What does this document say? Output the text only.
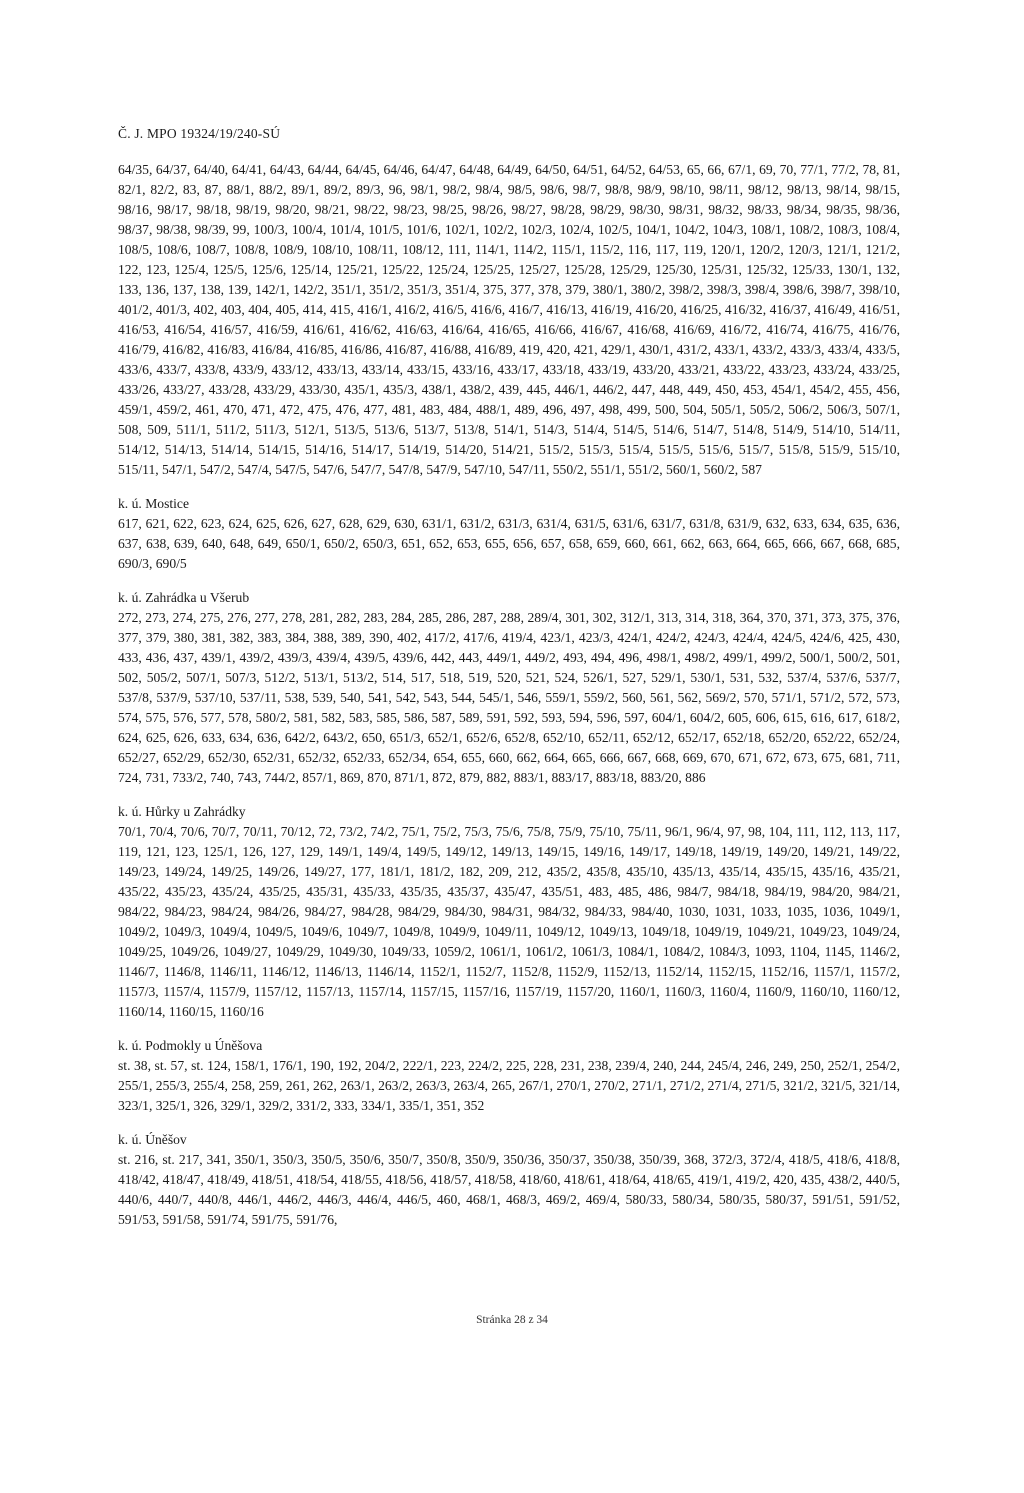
Č. J. MPO 19324/19/240-SÚ

64/35, 64/37, 64/40, 64/41, 64/43, 64/44, 64/45, 64/46, 64/47, 64/48, 64/49, 64/50, 64/51, 64/52, 64/53, 65, 66, 67/1, 69, 70, 77/1, 77/2, 78, 81, 82/1, 82/2, 83, 87, 88/1, 88/2, 89/1, 89/2, 89/3, 96, 98/1, 98/2, 98/4, 98/5, 98/6, 98/7, 98/8, 98/9, 98/10, 98/11, 98/12, 98/13, 98/14, 98/15, 98/16, 98/17, 98/18, 98/19, 98/20, 98/21, 98/22, 98/23, 98/25, 98/26, 98/27, 98/28, 98/29, 98/30, 98/31, 98/32, 98/33, 98/34, 98/35, 98/36, 98/37, 98/38, 98/39, 99, 100/3, 100/4, 101/4, 101/5, 101/6, 102/1, 102/2, 102/3, 102/4, 102/5, 104/1, 104/2, 104/3, 108/1, 108/2, 108/3, 108/4, 108/5, 108/6, 108/7, 108/8, 108/9, 108/10, 108/11, 108/12, 111, 114/1, 114/2, 115/1, 115/2, 116, 117, 119, 120/1, 120/2, 120/3, 121/1, 121/2, 122, 123, 125/4, 125/5, 125/6, 125/14, 125/21, 125/22, 125/24, 125/25, 125/27, 125/28, 125/29, 125/30, 125/31, 125/32, 125/33, 130/1, 132, 133, 136, 137, 138, 139, 142/1, 142/2, 351/1, 351/2, 351/3, 351/4, 375, 377, 378, 379, 380/1, 380/2, 398/2, 398/3, 398/4, 398/6, 398/7, 398/10, 401/2, 401/3, 402, 403, 404, 405, 414, 415, 416/1, 416/2, 416/5, 416/6, 416/7, 416/13, 416/19, 416/20, 416/25, 416/32, 416/37, 416/49, 416/51, 416/53, 416/54, 416/57, 416/59, 416/61, 416/62, 416/63, 416/64, 416/65, 416/66, 416/67, 416/68, 416/69, 416/72, 416/74, 416/75, 416/76, 416/79, 416/82, 416/83, 416/84, 416/85, 416/86, 416/87, 416/88, 416/89, 419, 420, 421, 429/1, 430/1, 431/2, 433/1, 433/2, 433/3, 433/4, 433/5, 433/6, 433/7, 433/8, 433/9, 433/12, 433/13, 433/14, 433/15, 433/16, 433/17, 433/18, 433/19, 433/20, 433/21, 433/22, 433/23, 433/24, 433/25, 433/26, 433/27, 433/28, 433/29, 433/30, 435/1, 435/3, 438/1, 438/2, 439, 445, 446/1, 446/2, 447, 448, 449, 450, 453, 454/1, 454/2, 455, 456, 459/1, 459/2, 461, 470, 471, 472, 475, 476, 477, 481, 483, 484, 488/1, 489, 496, 497, 498, 499, 500, 504, 505/1, 505/2, 506/2, 506/3, 507/1, 508, 509, 511/1, 511/2, 511/3, 512/1, 513/5, 513/6, 513/7, 513/8, 514/1, 514/3, 514/4, 514/5, 514/6, 514/7, 514/8, 514/9, 514/10, 514/11, 514/12, 514/13, 514/14, 514/15, 514/16, 514/17, 514/19, 514/20, 514/21, 515/2, 515/3, 515/4, 515/5, 515/6, 515/7, 515/8, 515/9, 515/10, 515/11, 547/1, 547/2, 547/4, 547/5, 547/6, 547/7, 547/8, 547/9, 547/10, 547/11, 550/2, 551/1, 551/2, 560/1, 560/2, 587

k. ú. Mostice

617, 621, 622, 623, 624, 625, 626, 627, 628, 629, 630, 631/1, 631/2, 631/3, 631/4, 631/5, 631/6, 631/7, 631/8, 631/9, 632, 633, 634, 635, 636, 637, 638, 639, 640, 648, 649, 650/1, 650/2, 650/3, 651, 652, 653, 655, 656, 657, 658, 659, 660, 661, 662, 663, 664, 665, 666, 667, 668, 685, 690/3, 690/5

k. ú. Zahrádka u Všerub

272, 273, 274, 275, 276, 277, 278, 281, 282, 283, 284, 285, 286, 287, 288, 289/4, 301, 302, 312/1, 313, 314, 318, 364, 370, 371, 373, 375, 376, 377, 379, 380, 381, 382, 383, 384, 388, 389, 390, 402, 417/2, 417/6, 419/4, 423/1, 423/3, 424/1, 424/2, 424/3, 424/4, 424/5, 424/6, 425, 430, 433, 436, 437, 439/1, 439/2, 439/3, 439/4, 439/5, 439/6, 442, 443, 449/1, 449/2, 493, 494, 496, 498/1, 498/2, 499/1, 499/2, 500/1, 500/2, 501, 502, 505/2, 507/1, 507/3, 512/2, 513/1, 513/2, 514, 517, 518, 519, 520, 521, 524, 526/1, 527, 529/1, 530/1, 531, 532, 537/4, 537/6, 537/7, 537/8, 537/9, 537/10, 537/11, 538, 539, 540, 541, 542, 543, 544, 545/1, 546, 559/1, 559/2, 560, 561, 562, 569/2, 570, 571/1, 571/2, 572, 573, 574, 575, 576, 577, 578, 580/2, 581, 582, 583, 585, 586, 587, 589, 591, 592, 593, 594, 596, 597, 604/1, 604/2, 605, 606, 615, 616, 617, 618/2, 624, 625, 626, 633, 634, 636, 642/2, 643/2, 650, 651/3, 652/1, 652/6, 652/8, 652/10, 652/11, 652/12, 652/17, 652/18, 652/20, 652/22, 652/24, 652/27, 652/29, 652/30, 652/31, 652/32, 652/33, 652/34, 654, 655, 660, 662, 664, 665, 666, 667, 668, 669, 670, 671, 672, 673, 675, 681, 711, 724, 731, 733/2, 740, 743, 744/2, 857/1, 869, 870, 871/1, 872, 879, 882, 883/1, 883/17, 883/18, 883/20, 886

k. ú. Hůrky u Zahrádky

70/1, 70/4, 70/6, 70/7, 70/11, 70/12, 72, 73/2, 74/2, 75/1, 75/2, 75/3, 75/6, 75/8, 75/9, 75/10, 75/11, 96/1, 96/4, 97, 98, 104, 111, 112, 113, 117, 119, 121, 123, 125/1, 126, 127, 129, 149/1, 149/4, 149/5, 149/12, 149/13, 149/15, 149/16, 149/17, 149/18, 149/19, 149/20, 149/21, 149/22, 149/23, 149/24, 149/25, 149/26, 149/27, 177, 181/1, 181/2, 182, 209, 212, 435/2, 435/8, 435/10, 435/13, 435/14, 435/15, 435/16, 435/21, 435/22, 435/23, 435/24, 435/25, 435/31, 435/33, 435/35, 435/37, 435/47, 435/51, 483, 485, 486, 984/7, 984/18, 984/19, 984/20, 984/21, 984/22, 984/23, 984/24, 984/26, 984/27, 984/28, 984/29, 984/30, 984/31, 984/32, 984/33, 984/40, 1030, 1031, 1033, 1035, 1036, 1049/1, 1049/2, 1049/3, 1049/4, 1049/5, 1049/6, 1049/7, 1049/8, 1049/9, 1049/11, 1049/12, 1049/13, 1049/18, 1049/19, 1049/21, 1049/23, 1049/24, 1049/25, 1049/26, 1049/27, 1049/29, 1049/30, 1049/33, 1059/2, 1061/1, 1061/2, 1061/3, 1084/1, 1084/2, 1084/3, 1093, 1104, 1145, 1146/2, 1146/7, 1146/8, 1146/11, 1146/12, 1146/13, 1146/14, 1152/1, 1152/7, 1152/8, 1152/9, 1152/13, 1152/14, 1152/15, 1152/16, 1157/1, 1157/2, 1157/3, 1157/4, 1157/9, 1157/12, 1157/13, 1157/14, 1157/15, 1157/16, 1157/19, 1157/20, 1160/1, 1160/3, 1160/4, 1160/9, 1160/10, 1160/12, 1160/14, 1160/15, 1160/16

k. ú. Podmokly u Úněšova

st. 38, st. 57, st. 124, 158/1, 176/1, 190, 192, 204/2, 222/1, 223, 224/2, 225, 228, 231, 238, 239/4, 240, 244, 245/4, 246, 249, 250, 252/1, 254/2, 255/1, 255/3, 255/4, 258, 259, 261, 262, 263/1, 263/2, 263/3, 263/4, 265, 267/1, 270/1, 270/2, 271/1, 271/2, 271/4, 271/5, 321/2, 321/5, 321/14, 323/1, 325/1, 326, 329/1, 329/2, 331/2, 333, 334/1, 335/1, 351, 352

k. ú. Úněšov

st. 216, st. 217, 341, 350/1, 350/3, 350/5, 350/6, 350/7, 350/8, 350/9, 350/36, 350/37, 350/38, 350/39, 368, 372/3, 372/4, 418/5, 418/6, 418/8, 418/42, 418/47, 418/49, 418/51, 418/54, 418/55, 418/56, 418/57, 418/58, 418/60, 418/61, 418/64, 418/65, 419/1, 419/2, 420, 435, 438/2, 440/5, 440/6, 440/7, 440/8, 446/1, 446/2, 446/3, 446/4, 446/5, 460, 468/1, 468/3, 469/2, 469/4, 580/33, 580/34, 580/35, 580/37, 591/51, 591/52, 591/53, 591/58, 591/74, 591/75, 591/76,

Stránka 28 z 34
